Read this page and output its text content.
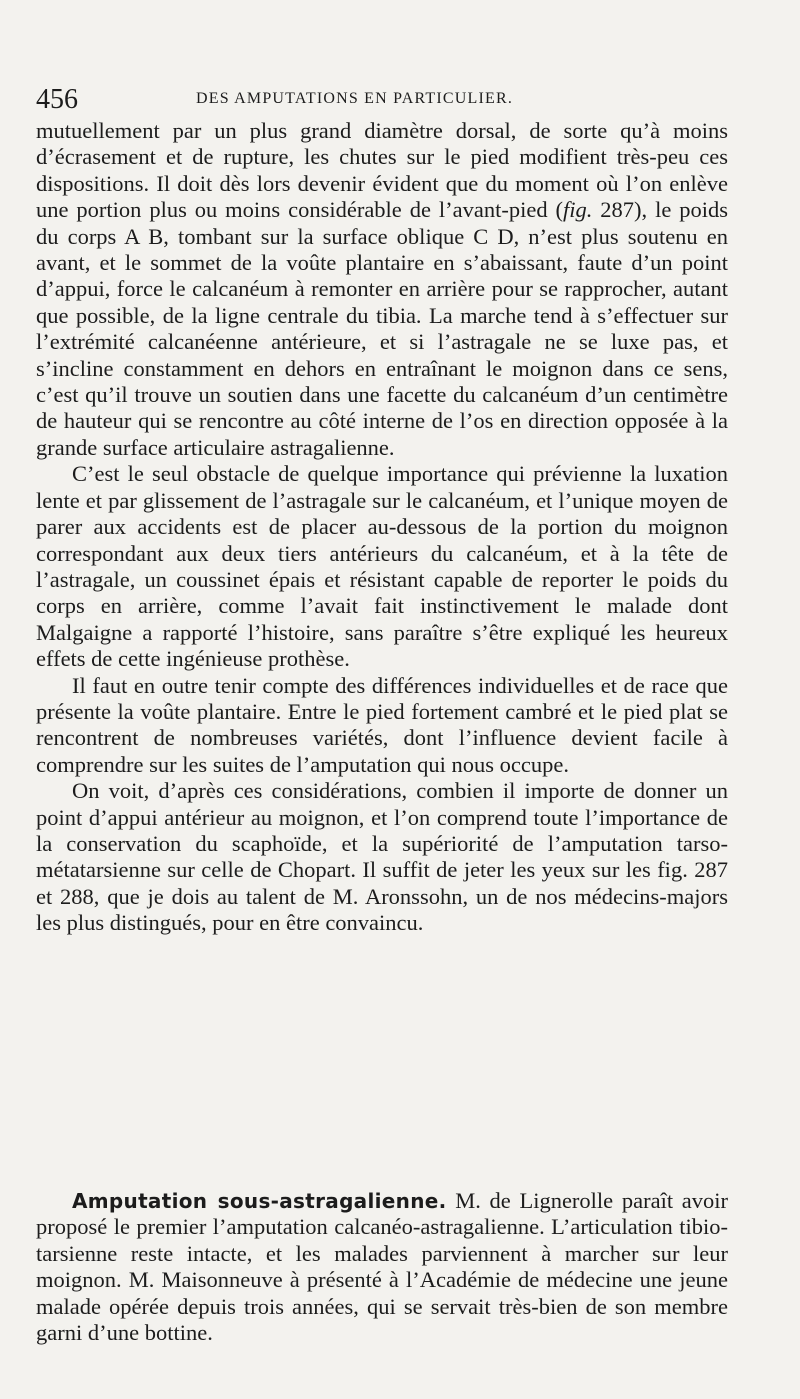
456	DES AMPUTATIONS EN PARTICULIER.

mutuellement par un plus grand diamètre dorsal, de sorte qu’à moins d’écrasement et de rupture, les chutes sur le pied modifient très-peu ces dispositions. Il doit dès lors devenir évident que du moment où l’on enlève une portion plus ou moins considérable de l’avant-pied (fig. 287), le poids du corps A B, tombant sur la surface oblique C D, n’est plus soutenu en avant, et le sommet de la voûte plantaire en s’abaissant, faute d’un point d’appui, force le calcanéum à remonter en arrière pour se rapprocher, autant que possible, de la ligne centrale du tibia. La marche tend à s’effectuer sur l’extrémité calcanéenne antérieure, et si l’astragale ne se luxe pas, et s’incline constamment en dehors en entraînant le moignon dans ce sens, c’est qu’il trouve un soutien dans une facette du calcanéum d’un centimètre de hauteur qui se rencontre au côté interne de l’os en direction opposée à la grande surface articulaire astragalienne.

C’est le seul obstacle de quelque importance qui prévienne la luxation lente et par glissement de l’astragale sur le calcanéum, et l’unique moyen de parer aux accidents est de placer au-dessous de la portion du moignon correspondant aux deux tiers antérieurs du calcanéum, et à la tête de l’astragale, un coussinet épais et résistant capable de reporter le poids du corps en arrière, comme l’avait fait instinctivement le malade dont Malgaigne a rapporté l’histoire, sans paraître s’être expliqué les heureux effets de cette ingénieuse prothèse.

Il faut en outre tenir compte des différences individuelles et de race que présente la voûte plantaire. Entre le pied fortement cambré et le pied plat se rencontrent de nombreuses variétés, dont l’influence devient facile à comprendre sur les suites de l’amputation qui nous occupe.

On voit, d’après ces considérations, combien il importe de donner un point d’appui antérieur au moignon, et l’on comprend toute l’importance de la conservation du scaphoïde, et la supériorité de l’amputation tarso-métatarsienne sur celle de Chopart. Il suffit de jeter les yeux sur les fig. 287 et 288, que je dois au talent de M. Aronssohn, un de nos médecins-majors les plus distingués, pour en être convaincu.

Amputation sous-astragalienne. M. de Lignerolle paraît avoir proposé le premier l’amputation calcanéo-astragalienne. L’articulation tibio-tarsienne reste intacte, et les malades parviennent à marcher sur leur moignon. M. Maisonneuve à présenté à l’Académie de médecine une jeune malade opérée depuis trois années, qui se servait très-bien de son membre garni d’une bottine.
